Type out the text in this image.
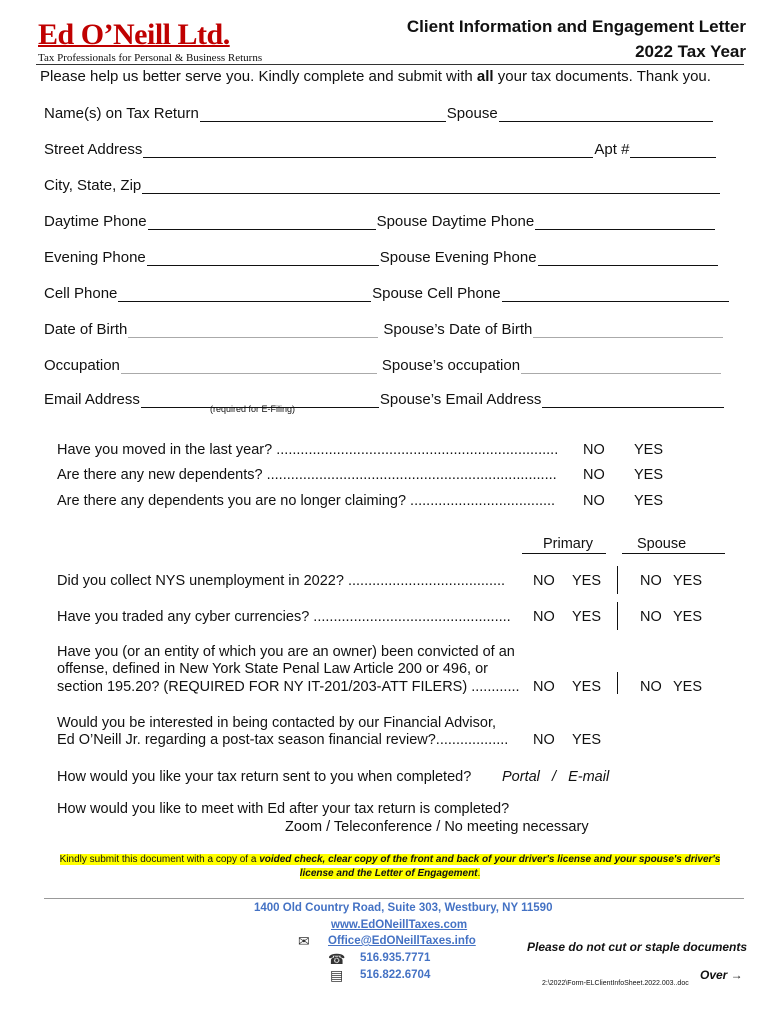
Ed O’Neill Ltd.
Tax Professionals for Personal & Business Returns
Client Information and Engagement Letter
2022 Tax Year
Please help us better serve you. Kindly complete and submit with all your tax documents. Thank you.
Name(s) on Tax Return	Spouse
Street Address	Apt #
City, State, Zip
Daytime Phone	Spouse Daytime Phone
Evening Phone	Spouse Evening Phone
Cell Phone	Spouse Cell Phone
Date of Birth	Spouse’s Date of Birth
Occupation	Spouse’s occupation
Email Address	Spouse’s Email Address
(required for E-Filing)
Have you moved in the last year? ...................................................................... NO YES
Are there any new dependents? ........................................................................ NO YES
Are there any dependents you are no longer claiming? .................................... NO YES
Primary	Spouse
Did you collect NYS unemployment in 2022? ....................................... NO YES	NO YES
Have you traded any cyber currencies? ................................................. NO YES	NO YES
Have you (or an entity of which you are an owner) been convicted of an
offense, defined in New York State Penal Law Article 200 or 496, or
section 195.20? (REQUIRED FOR NY IT-201/203-ATT FILERS) ............ NO YES	NO YES
Would you be interested in being contacted by our Financial Advisor,
Ed O’Neill Jr. regarding a post-tax season financial review?.................. NO YES
How would you like your tax return sent to you when completed? Portal   /   E-mail
How would you like to meet with Ed after your tax return is completed?
Zoom / Teleconference / No meeting necessary
Kindly submit this document with a copy of a voided check, clear copy of the front and back of your driver's license and your spouse's driver's license and the Letter of Engagement.
1400 Old Country Road, Suite 303, Westbury, NY 11590
www.EdONeillTaxes.com
✉ Office@EdONeillTaxes.info
☎ 516.935.7771
▤ 516.822.6704
Please do not cut or staple documents
Over →
2:\2022\Form-ELClientInfoSheet.2022.003..doc
